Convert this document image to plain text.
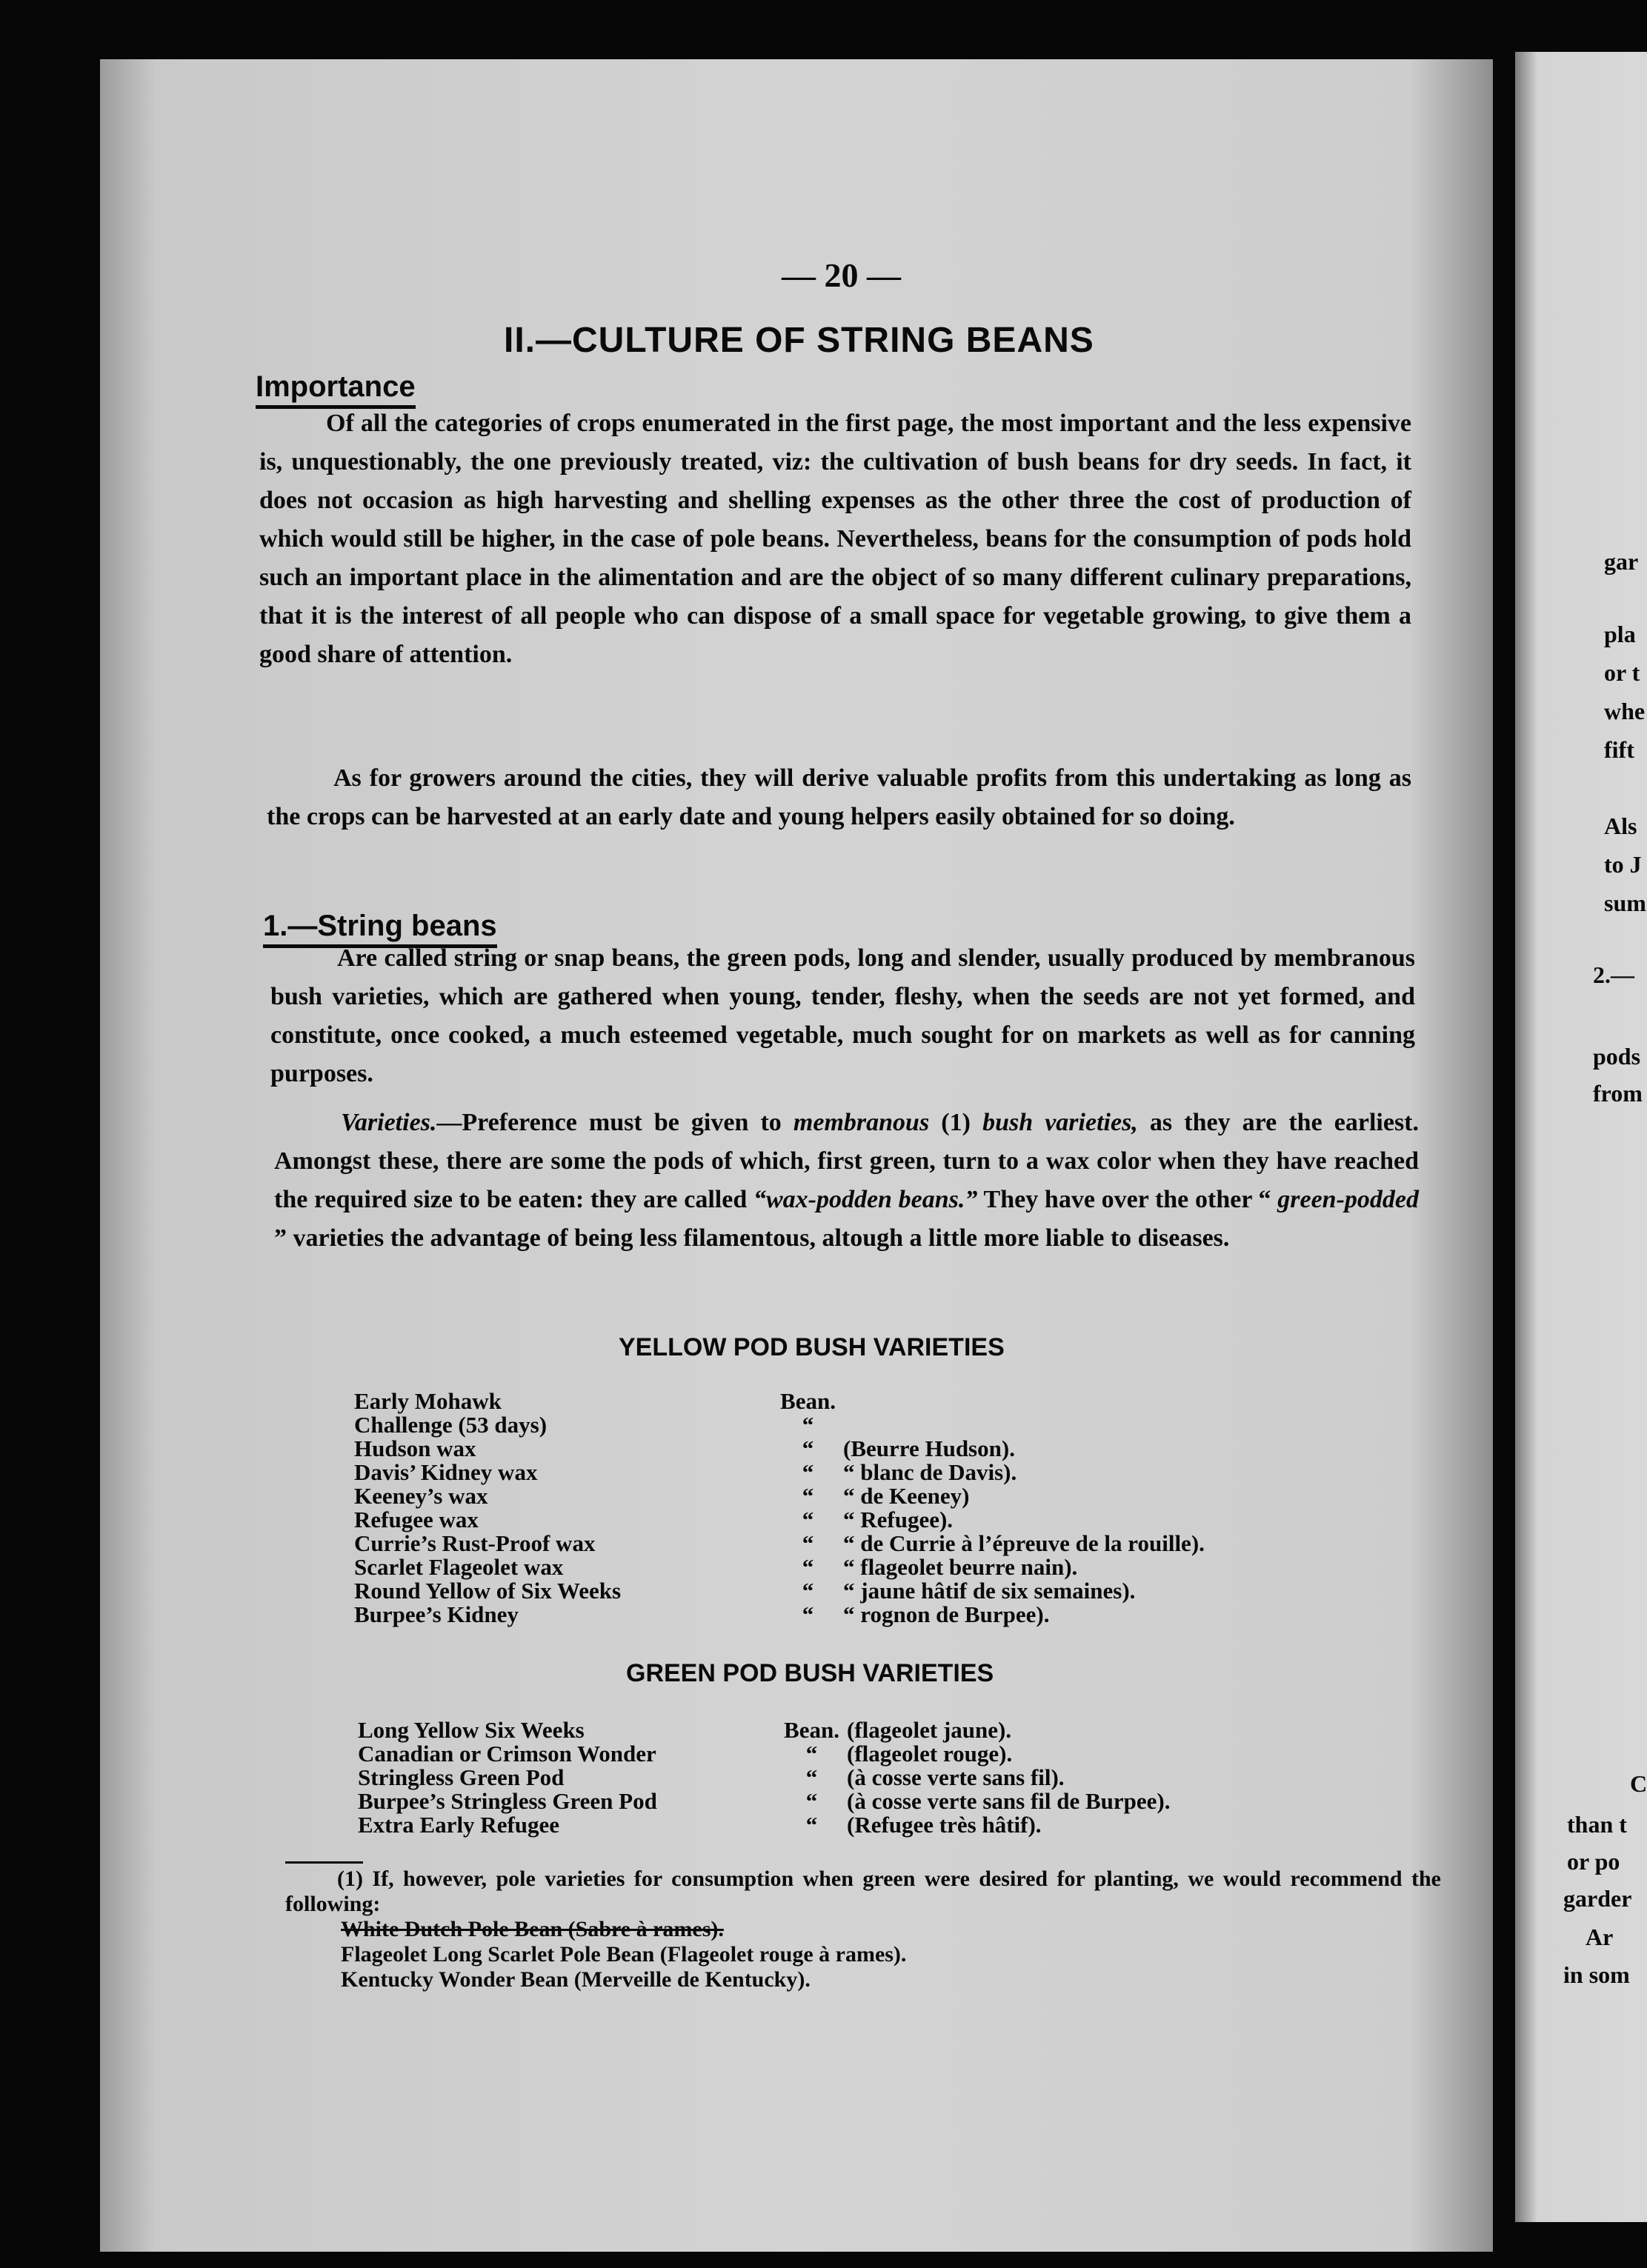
— 20 —
II.—CULTURE OF STRING BEANS
Importance
Of all the categories of crops enumerated in the first page, the most important and the less expensive is, unquestionably, the one previously treated, viz: the cultivation of bush beans for dry seeds. In fact, it does not occasion as high harvesting and shelling expenses as the other three the cost of production of which would still be higher, in the case of pole beans. Nevertheless, beans for the consumption of pods hold such an important place in the alimentation and are the object of so many different culinary preparations, that it is the interest of all people who can dispose of a small space for vegetable growing, to give them a good share of attention.
As for growers around the cities, they will derive valuable profits from this undertaking as long as the crops can be harvested at an early date and young helpers easily obtained for so doing.
1.—String beans
Are called string or snap beans, the green pods, long and slender, usually produced by membranous bush varieties, which are gathered when young, tender, fleshy, when the seeds are not yet formed, and constitute, once cooked, a much esteemed vegetable, much sought for on markets as well as for canning purposes.
Varieties.—Preference must be given to membranous (1) bush varieties, as they are the earliest. Amongst these, there are some the pods of which, first green, turn to a wax color when they have reached the required size to be eaten: they are called “wax-podden beans.” They have over the other “ green-podded ” varieties the advantage of being less filamentous, altough a little more liable to diseases.
YELLOW POD BUSH VARIETIES
Early Mohawk	Bean.
Challenge (53 days)	“
Hudson wax	“	(Beurre Hudson).
Davis’ Kidney wax	“	“ blanc de Davis).
Keeney’s wax	“	“ de Keeney)
Refugee wax	“	“ Refugee).
Currie’s Rust-Proof wax	“	“ de Currie à l’épreuve de la rouille).
Scarlet Flageolet wax	“	“ flageolet beurre nain).
Round Yellow of Six Weeks	“	“ jaune hâtif de six semaines).
Burpee’s Kidney	“	“ rognon de Burpee).
GREEN POD BUSH VARIETIES
Long Yellow Six Weeks	Bean. (flageolet jaune).
Canadian or Crimson Wonder	“	(flageolet rouge).
Stringless Green Pod	“	(à cosse verte sans fil).
Burpee’s Stringless Green Pod	“	(à cosse verte sans fil de Burpee).
Extra Early Refugee	“	(Refugee très hâtif).
(1) If, however, pole varieties for consumption when green were desired for planting, we would recommend the following:
White Dutch Pole Bean (Sabre à rames).
Flageolet Long Scarlet Pole Bean (Flageolet rouge à rames).
Kentucky Wonder Bean (Merveille de Kentucky).
gar
pla
or t
whe
fift
Als
to J
sum
2.—
pods
from
C
than t
or po
garder
Ar
in som
